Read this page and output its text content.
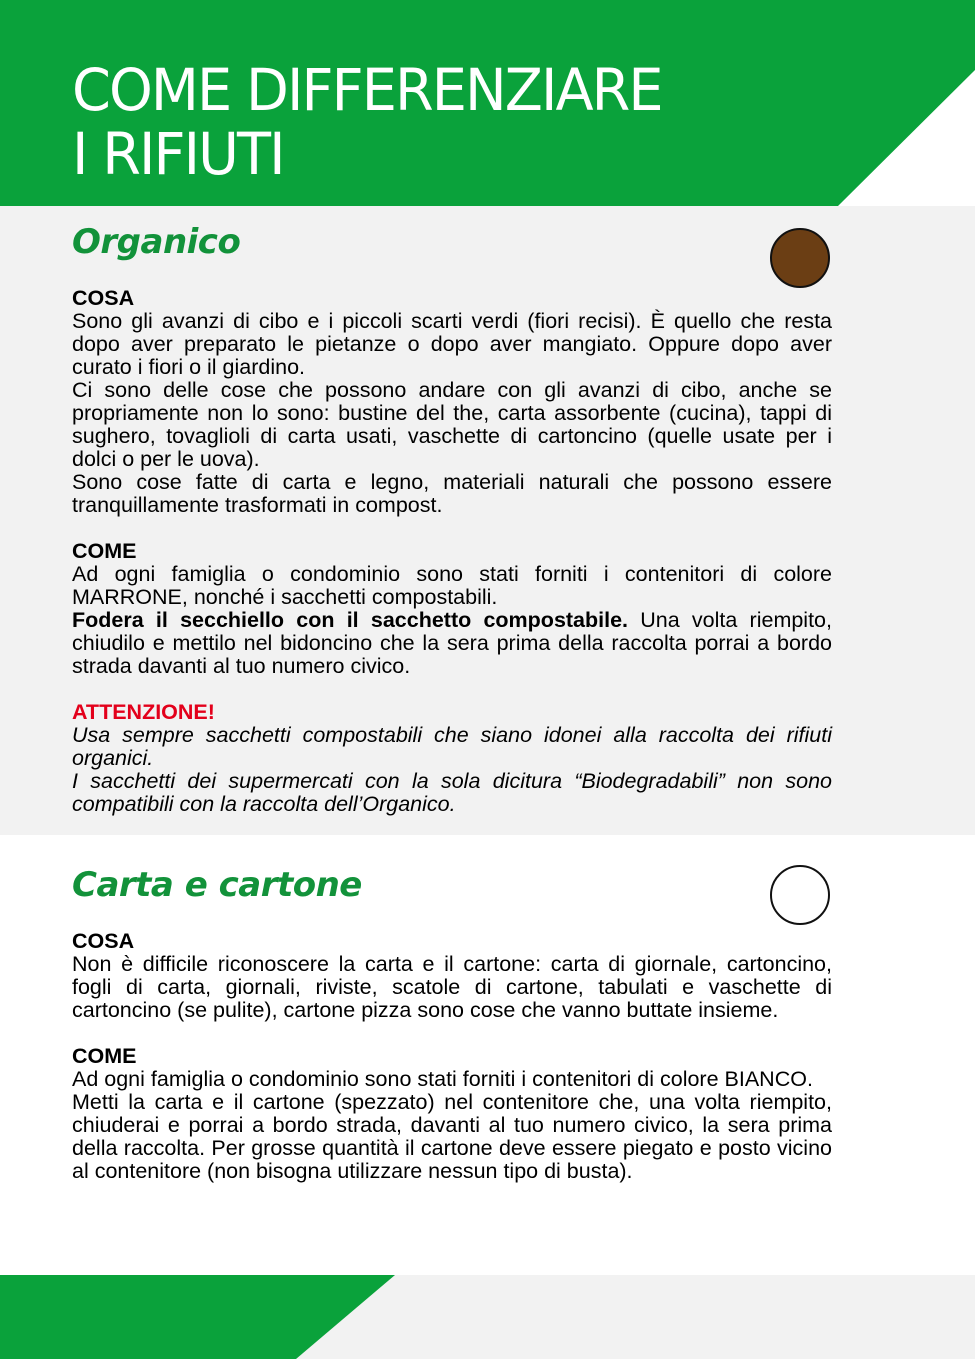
COME DIFFERENZIARE
I RIFIUTI
Organico

COSA

Sono gli avanzi di cibo e i piccoli scarti verdi (fiori recisi). È quello che resta dopo aver preparato le pietanze o dopo aver mangiato. Oppure dopo aver curato i fiori o il giardino.

Ci sono delle cose che possono andare con gli avanzi di cibo, anche se propriamente non lo sono: bustine del the, carta assorbente (cucina), tappi di sughero, tovaglioli di carta usati, vaschette di cartoncino (quelle usate per i dolci o per le uova).

Sono cose fatte di carta e legno, materiali naturali che possono essere tranquillamente trasformati in compost.

COME

Ad ogni famiglia o condominio sono stati forniti i contenitori di colore MARRONE, nonché i sacchetti compostabili.

Fodera il secchiello con il sacchetto compostabile. Una volta riempito, chiudilo e mettilo nel bidoncino che la sera prima della raccolta porrai a bordo strada davanti al tuo numero civico.

ATTENZIONE!

Usa sempre sacchetti compostabili che siano idonei alla raccolta dei rifiuti organici.

I sacchetti dei supermercati con la sola dicitura “Biodegradabili” non sono compatibili con la raccolta dell’Organico.

Carta e cartone

COSA

Non è difficile riconoscere la carta e il cartone: carta di giornale, cartoncino, fogli di carta, giornali, riviste, scatole di cartone, tabulati e vaschette di cartoncino (se pulite), cartone pizza sono cose che vanno buttate insieme.

COME

Ad ogni famiglia o condominio sono stati forniti i contenitori di colore BIANCO.

Metti la carta e il cartone (spezzato) nel contenitore che, una volta riempito, chiuderai e porrai a bordo strada, davanti al tuo numero civico, la sera prima della raccolta. Per grosse quantità il cartone deve essere piegato e posto vicino al contenitore (non bisogna utilizzare nessun tipo di busta).
